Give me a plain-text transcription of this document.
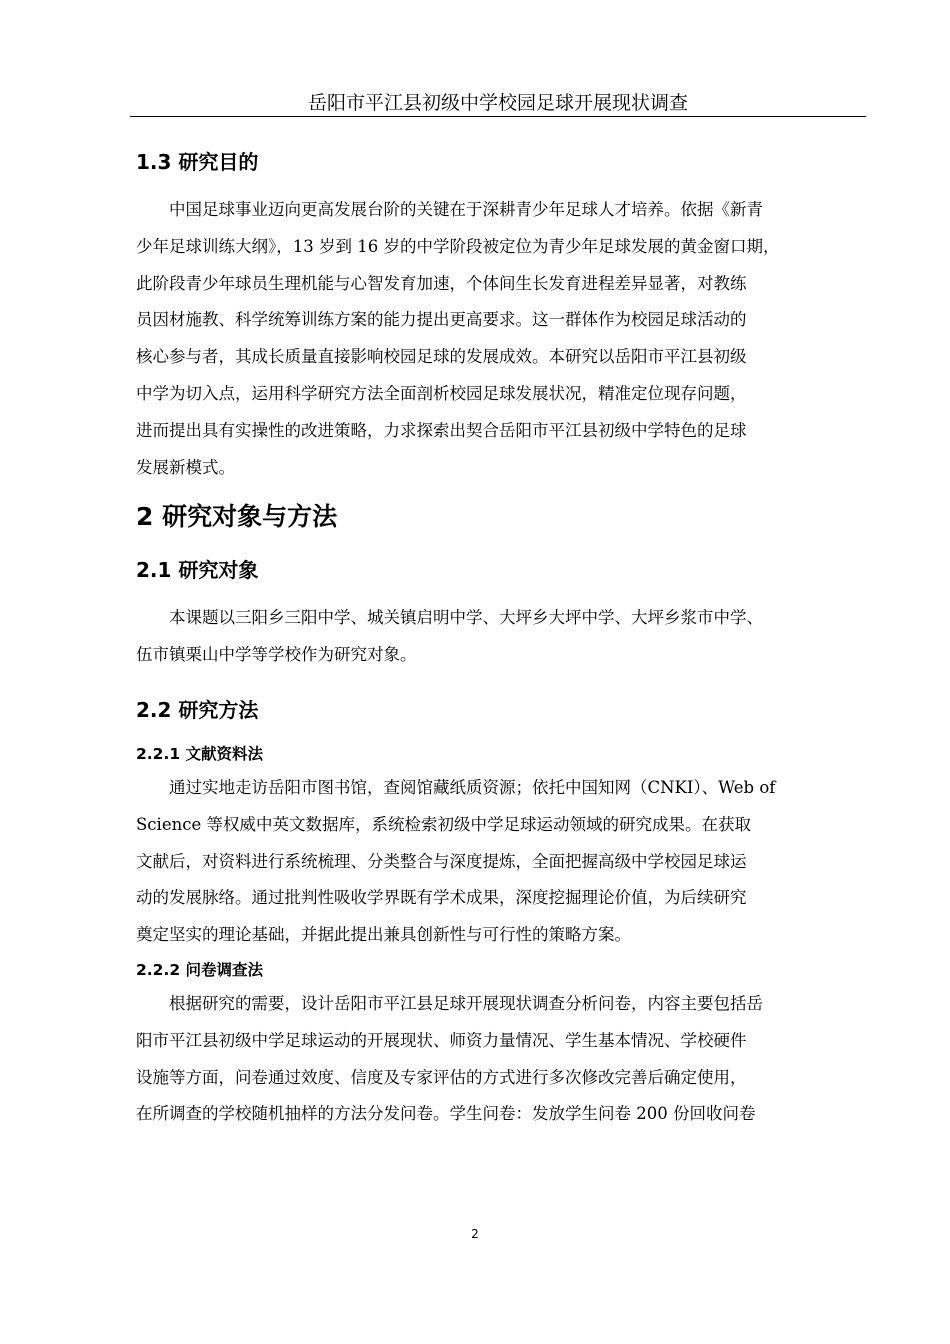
岳阳市平江县初级中学校园足球开展现状调查
1.3 研究目的
中国足球事业迈向更高发展台阶的关键在于深耕青少年足球人才培养。依据《新青
少年足球训练大纲》，13 岁到 16 岁的中学阶段被定位为青少年足球发展的黄金窗口期，
此阶段青少年球员生理机能与心智发育加速，个体间生长发育进程差异显著，对教练
员因材施教、科学统筹训练方案的能力提出更高要求。这一群体作为校园足球活动的
核心参与者，其成长质量直接影响校园足球的发展成效。本研究以岳阳市平江县初级
中学为切入点，运用科学研究方法全面剖析校园足球发展状况，精准定位现存问题，
进而提出具有实操性的改进策略，力求探索出契合岳阳市平江县初级中学特色的足球
发展新模式。
2 研究对象与方法
2.1 研究对象
本课题以三阳乡三阳中学、城关镇启明中学、大坪乡大坪中学、大坪乡浆市中学、
伍市镇栗山中学等学校作为研究对象。
2.2 研究方法
2.2.1 文献资料法
通过实地走访岳阳市图书馆，查阅馆藏纸质资源；依托中国知网（CNKI）、Web of
Science 等权威中英文数据库，系统检索初级中学足球运动领域的研究成果。在获取
文献后，对资料进行系统梳理、分类整合与深度提炼，全面把握高级中学校园足球运
动的发展脉络。通过批判性吸收学界既有学术成果，深度挖掘理论价值，为后续研究
奠定坚实的理论基础，并据此提出兼具创新性与可行性的策略方案。
2.2.2 问卷调查法
根据研究的需要，设计岳阳市平江县足球开展现状调查分析问卷，内容主要包括岳
阳市平江县初级中学足球运动的开展现状、师资力量情况、学生基本情况、学校硬件
设施等方面，问卷通过效度、信度及专家评估的方式进行多次修改完善后确定使用，
在所调查的学校随机抽样的方法分发问卷。学生问卷：发放学生问卷 200 份回收问卷
2
